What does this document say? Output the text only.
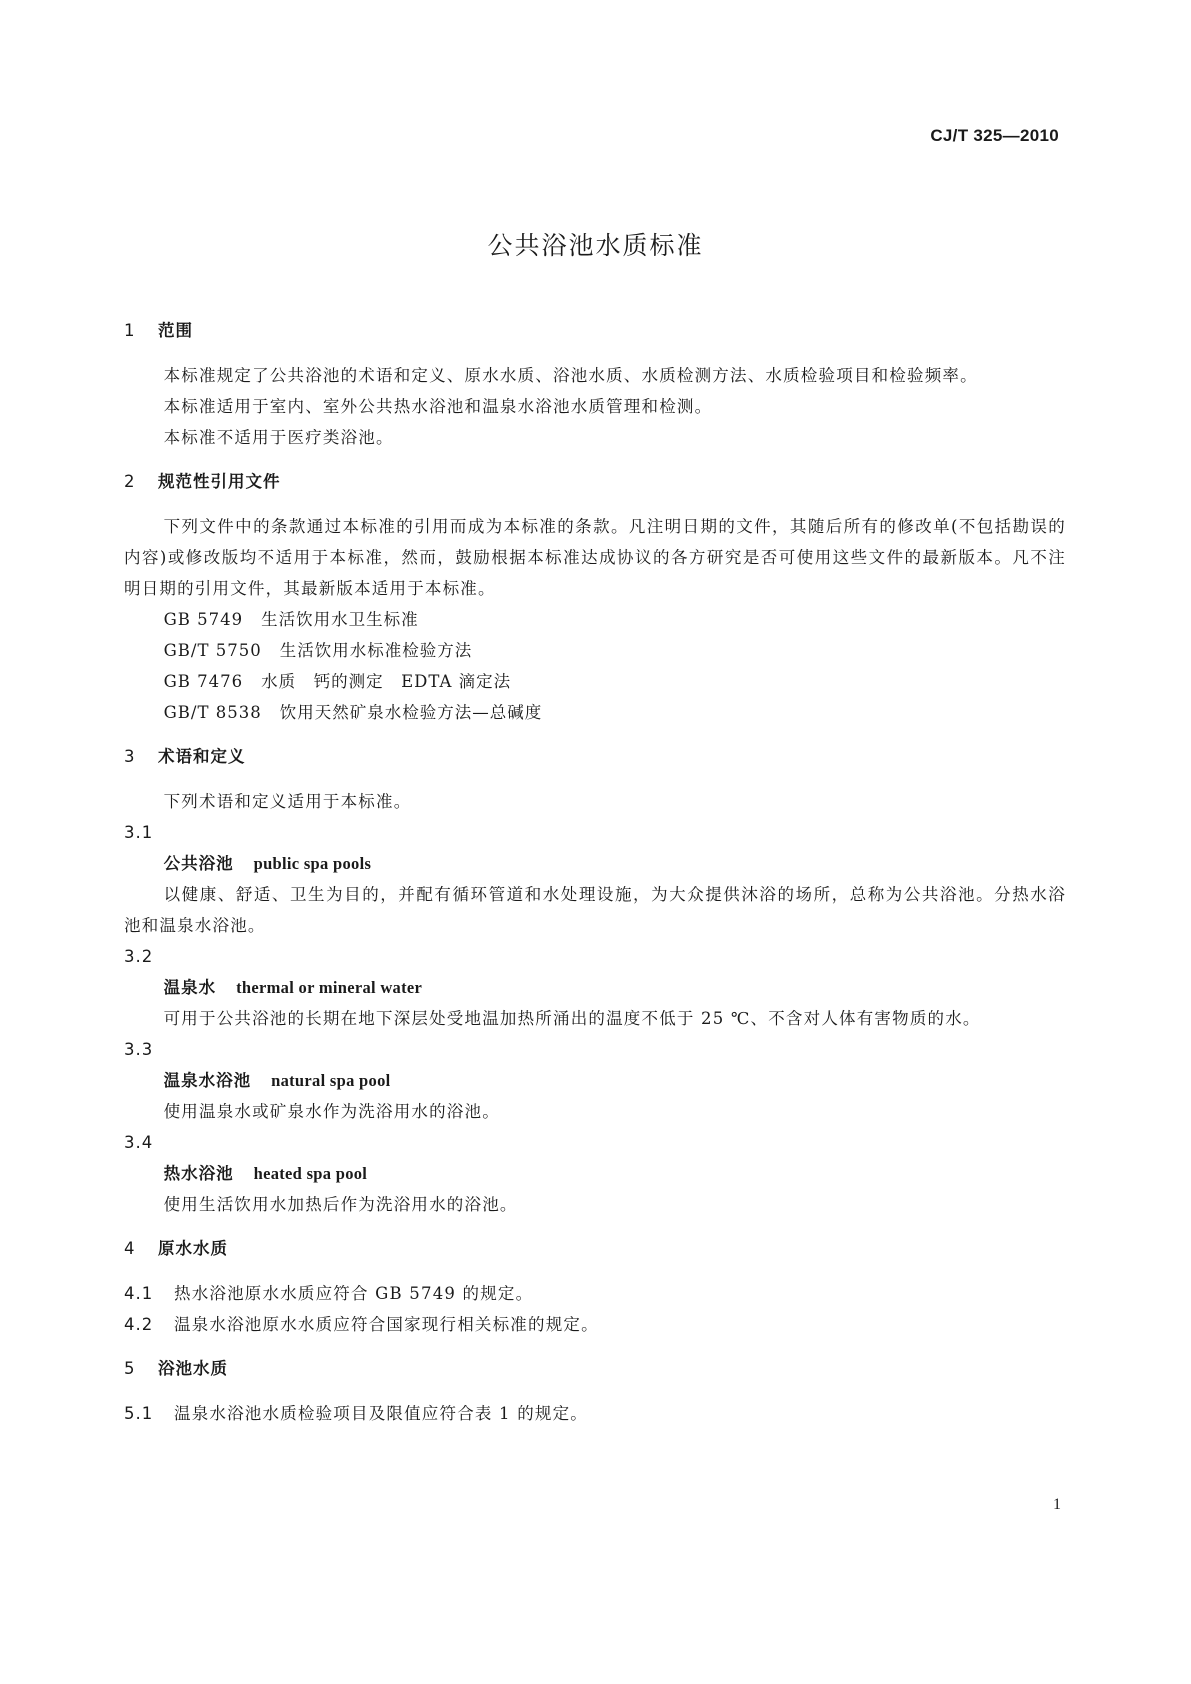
CJ/T 325—2010
公共浴池水质标准
1 范围
本标准规定了公共浴池的术语和定义、原水水质、浴池水质、水质检测方法、水质检验项目和检验频率。
本标准适用于室内、室外公共热水浴池和温泉水浴池水质管理和检测。
本标准不适用于医疗类浴池。
2 规范性引用文件
下列文件中的条款通过本标准的引用而成为本标准的条款。凡注明日期的文件，其随后所有的修改单(不包括勘误的内容)或修改版均不适用于本标准，然而，鼓励根据本标准达成协议的各方研究是否可使用这些文件的最新版本。凡不注明日期的引用文件，其最新版本适用于本标准。
GB 5749 生活饮用水卫生标准
GB/T 5750 生活饮用水标准检验方法
GB 7476 水质　钙的测定　EDTA 滴定法
GB/T 8538 饮用天然矿泉水检验方法—总碱度
3 术语和定义
下列术语和定义适用于本标准。
3.1
公共浴池 public spa pools
以健康、舒适、卫生为目的，并配有循环管道和水处理设施，为大众提供沐浴的场所，总称为公共浴池。分热水浴池和温泉水浴池。
3.2
温泉水 thermal or mineral water
可用于公共浴池的长期在地下深层处受地温加热所涌出的温度不低于 25 ℃、不含对人体有害物质的水。
3.3
温泉水浴池 natural spa pool
使用温泉水或矿泉水作为洗浴用水的浴池。
3.4
热水浴池 heated spa pool
使用生活饮用水加热后作为洗浴用水的浴池。
4 原水水质
4.1 热水浴池原水水质应符合 GB 5749 的规定。
4.2 温泉水浴池原水水质应符合国家现行相关标准的规定。
5 浴池水质
5.1 温泉水浴池水质检验项目及限值应符合表 1 的规定。
1
